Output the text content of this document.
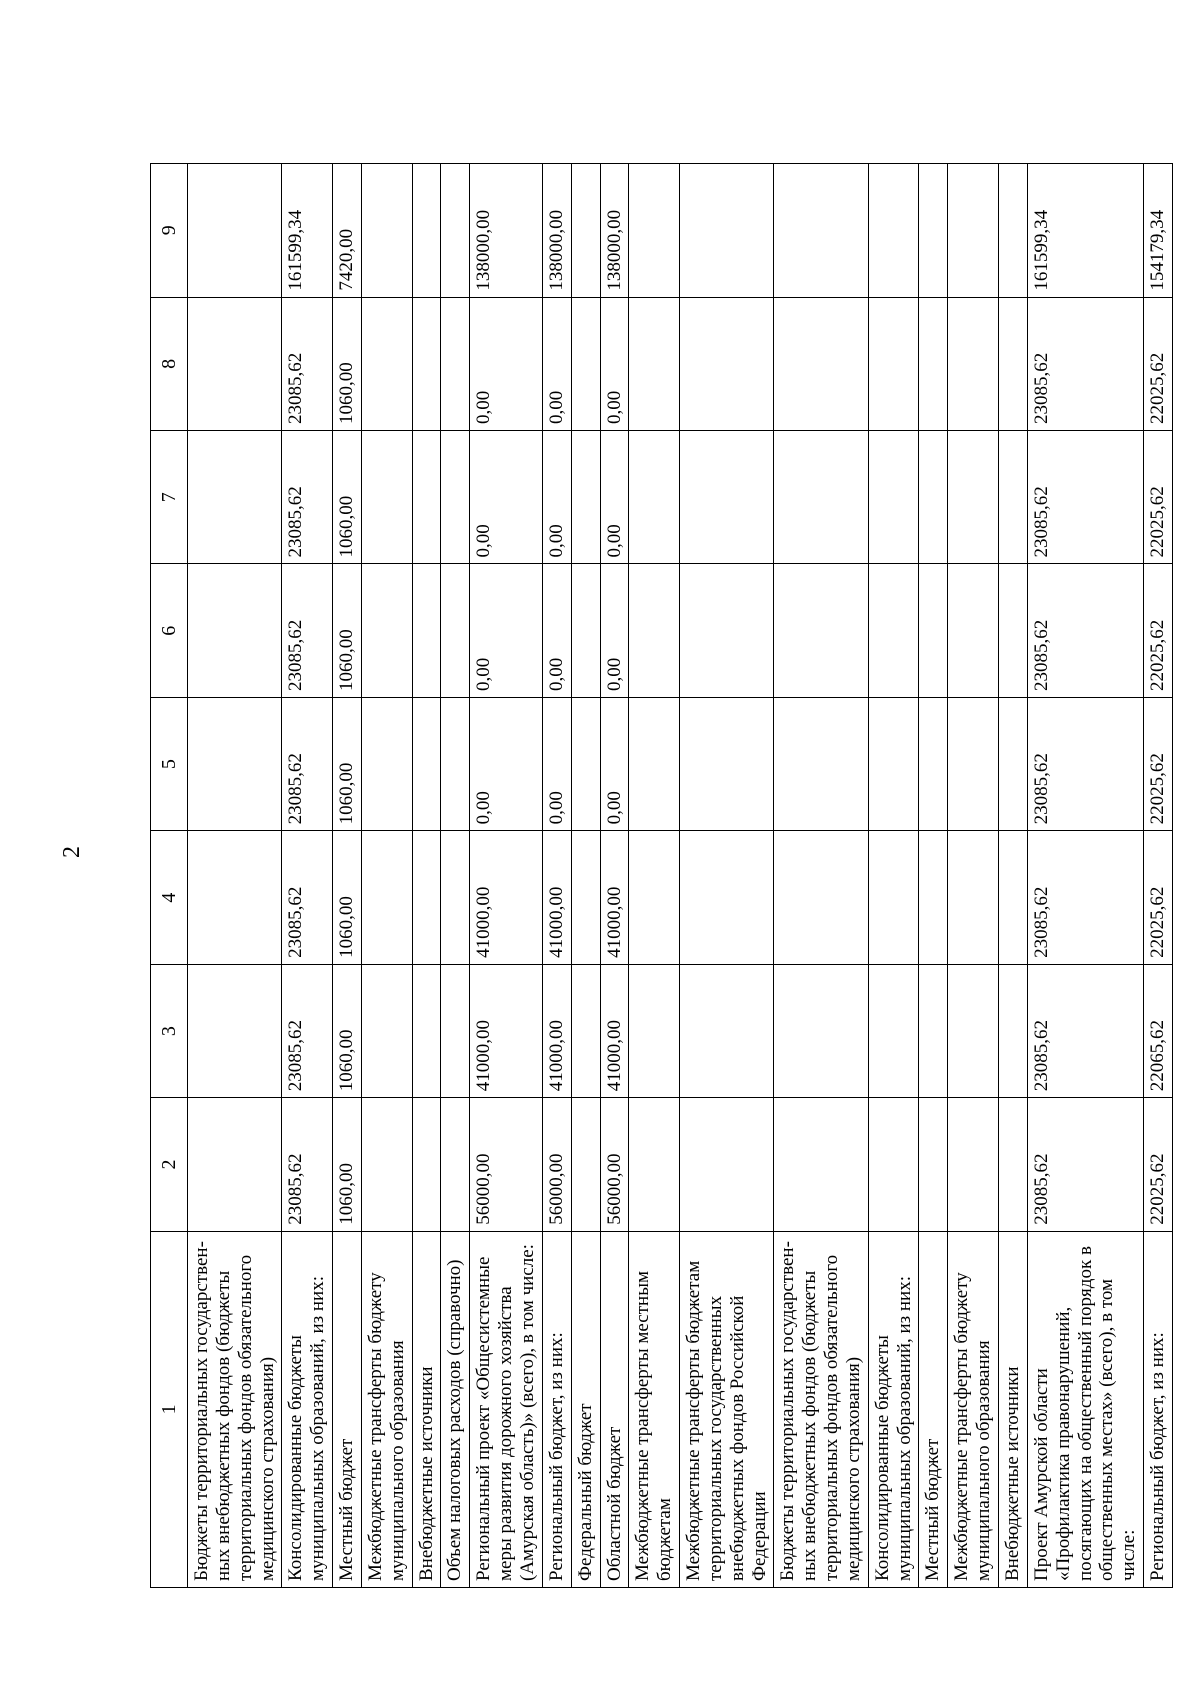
2
1	2	3	4	5	6	7	8	9
Бюджеты территориальных государствен-ных внебюджетных фондов (бюджеты территориальных фондов обязательного медицинского страхования)								
Консолидированные бюджеты муниципальных образований, из них:	23085,62	23085,62	23085,62	23085,62	23085,62	23085,62	23085,62	161599,34
Местный бюджет	1060,00	1060,00	1060,00	1060,00	1060,00	1060,00	1060,00	7420,00
Межбюджетные трансферты бюджету муниципального образования								
Внебюджетные источники								
Объем налоговых расходов (справочно)								
Региональный проект «Общесистемные меры развития дорожного хозяйства (Амурская область)» (всего), в том числе:	56000,00	41000,00	41000,00	0,00	0,00	0,00	0,00	138000,00
Региональный бюджет, из них:	56000,00	41000,00	41000,00	0,00	0,00	0,00	0,00	138000,00
Федеральный бюджет								
Областной бюджет	56000,00	41000,00	41000,00	0,00	0,00	0,00	0,00	138000,00
Межбюджетные трансферты местным бюджетам								
Межбюджетные трансферты бюджетам территориальных государственных внебюджетных фондов Российской Федерации								
Бюджеты территориальных государствен-ных внебюджетных фондов (бюджеты территориальных фондов обязательного медицинского страхования)								
Консолидированные бюджеты муниципальных образований, из них:								
Местный бюджет								
Межбюджетные трансферты бюджету муниципального образования								
Внебюджетные источники								
Проект Амурской области «Профилактика правонарушений, посягающих на общественный порядок в общественных местах» (всего), в том числе:	23085,62	23085,62	23085,62	23085,62	23085,62	23085,62	23085,62	161599,34
Региональный бюджет, из них:	22025,62	22065,62	22025,62	22025,62	22025,62	22025,62	22025,62	154179,34
